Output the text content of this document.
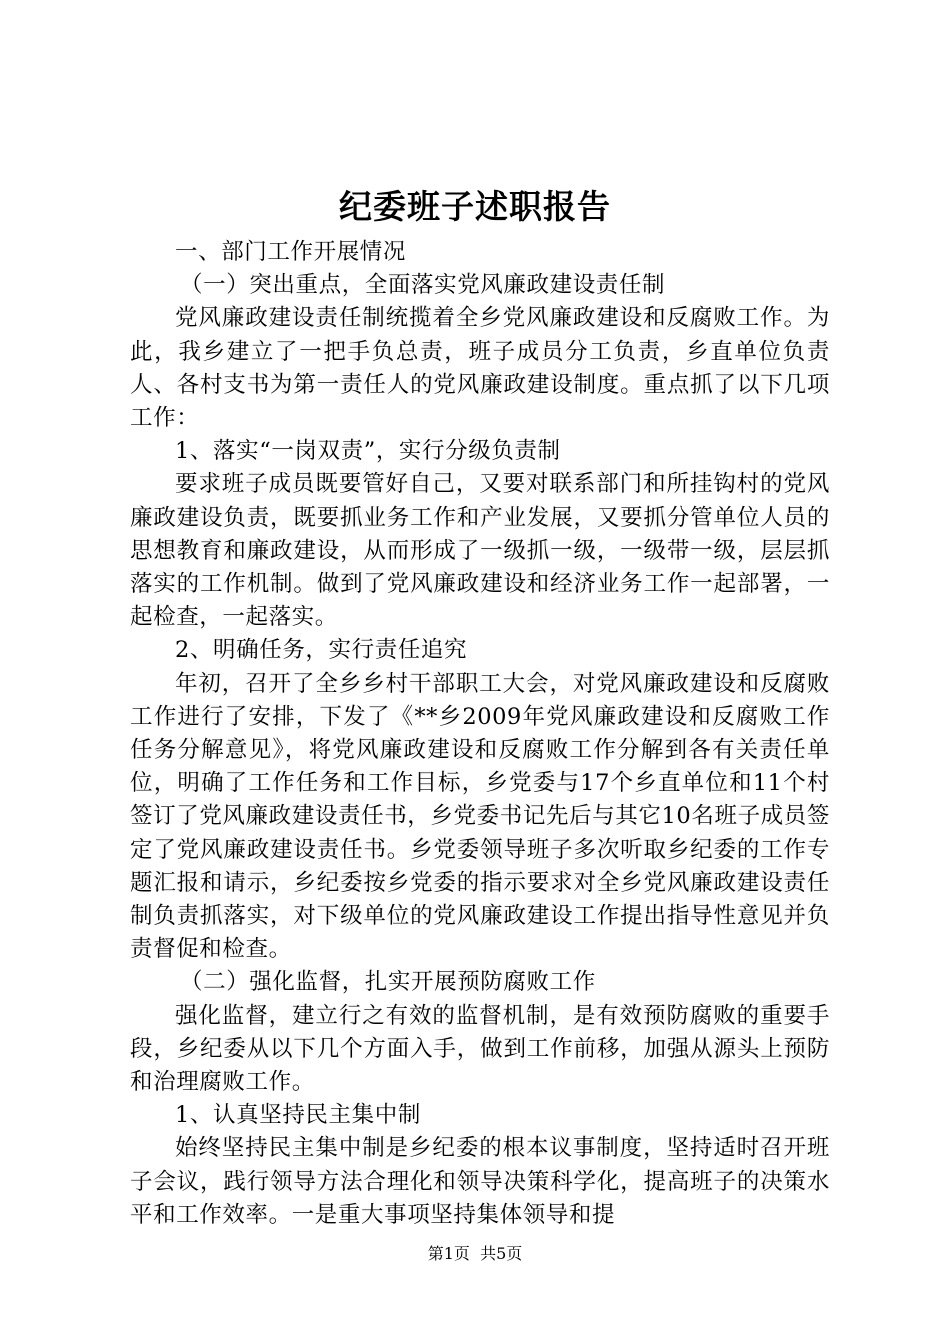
纪委班子述职报告
一、部门工作开展情况
（一）突出重点，全面落实党风廉政建设责任制

党风廉政建设责任制统揽着全乡党风廉政建设和反腐败工作。为此，我乡建立了一把手负总责，班子成员分工负责，乡直单位负责人、各村支书为第一责任人的党风廉政建设制度。重点抓了以下几项工作：

1、落实“一岗双责”，实行分级负责制

要求班子成员既要管好自己，又要对联系部门和所挂钩村的党风廉政建设负责，既要抓业务工作和产业发展，又要抓分管单位人员的思想教育和廉政建设，从而形成了一级抓一级，一级带一级，层层抓落实的工作机制。做到了党风廉政建设和经济业务工作一起部署，一起检查，一起落实。

2、明确任务，实行责任追究

年初，召开了全乡乡村干部职工大会，对党风廉政建设和反腐败工作进行了安排，下发了《**乡2009年党风廉政建设和反腐败工作任务分解意见》，将党风廉政建设和反腐败工作分解到各有关责任单位，明确了工作任务和工作目标，乡党委与17个乡直单位和11个村签订了党风廉政建设责任书，乡党委书记先后与其它10名班子成员签定了党风廉政建设责任书。乡党委领导班子多次听取乡纪委的工作专题汇报和请示，乡纪委按乡党委的指示要求对全乡党风廉政建设责任制负责抓落实，对下级单位的党风廉政建设工作提出指导性意见并负责督促和检查。

（二）强化监督，扎实开展预防腐败工作

强化监督，建立行之有效的监督机制，是有效预防腐败的重要手段，乡纪委从以下几个方面入手，做到工作前移，加强从源头上预防和治理腐败工作。

1、认真坚持民主集中制

始终坚持民主集中制是乡纪委的根本议事制度，坚持适时召开班子会议，践行领导方法合理化和领导决策科学化，提高班子的决策水平和工作效率。一是重大事项坚持集体领导和提

第1页  共5页
